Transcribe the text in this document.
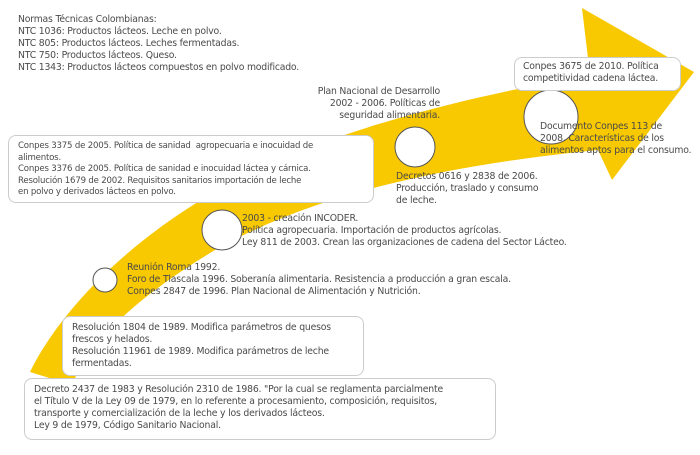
Normas Técnicas Colombianas:
NTC 1036: Productos lácteos. Leche en polvo.
NTC 805: Productos lácteos. Leches fermentadas.
NTC 750: Productos lácteos. Queso.
NTC 1343: Productos lácteos compuestos en polvo modificado.
Conpes 3375 de 2005. Política de sanidad  agropecuaria e inocuidad de
alimentos.
Conpes 3376 de 2005. Política de sanidad e inocuidad láctea y cárnica.
Resolución 1679 de 2002. Requisitos sanitarios importación de leche
en polvo y derivados lácteos en polvo.
Plan Nacional de Desarrollo
2002 - 2006. Políticas de
seguridad alimentaria.
Decretos 0616 y 2838 de 2006.
Producción, traslado y consumo
de leche.
Conpes 3675 de 2010. Política
competitividad cadena láctea.
Documento Conpes 113 de
2008. Características de los
alimentos aptos para el consumo.
2003 - creación INCODER.
Política agropecuaria. Importación de productos agrícolas.
Ley 811 de 2003. Crean las organizaciones de cadena del Sector Lácteo.
Reunión Roma 1992.
Foro de Tlascala 1996. Soberanía alimentaria. Resistencia a producción a gran escala.
Conpes 2847 de 1996. Plan Nacional de Alimentación y Nutrición.
Resolución 1804 de 1989. Modifica parámetros de quesos
frescos y helados.
Resolución 11961 de 1989. Modifica parámetros de leche
fermentadas.
Decreto 2437 de 1983 y Resolución 2310 de 1986. "Por la cual se reglamenta parcialmente
el Título V de la Ley 09 de 1979, en lo referente a procesamiento, composición, requisitos,
transporte y comercialización de la leche y los derivados lácteos.
Ley 9 de 1979, Código Sanitario Nacional.
